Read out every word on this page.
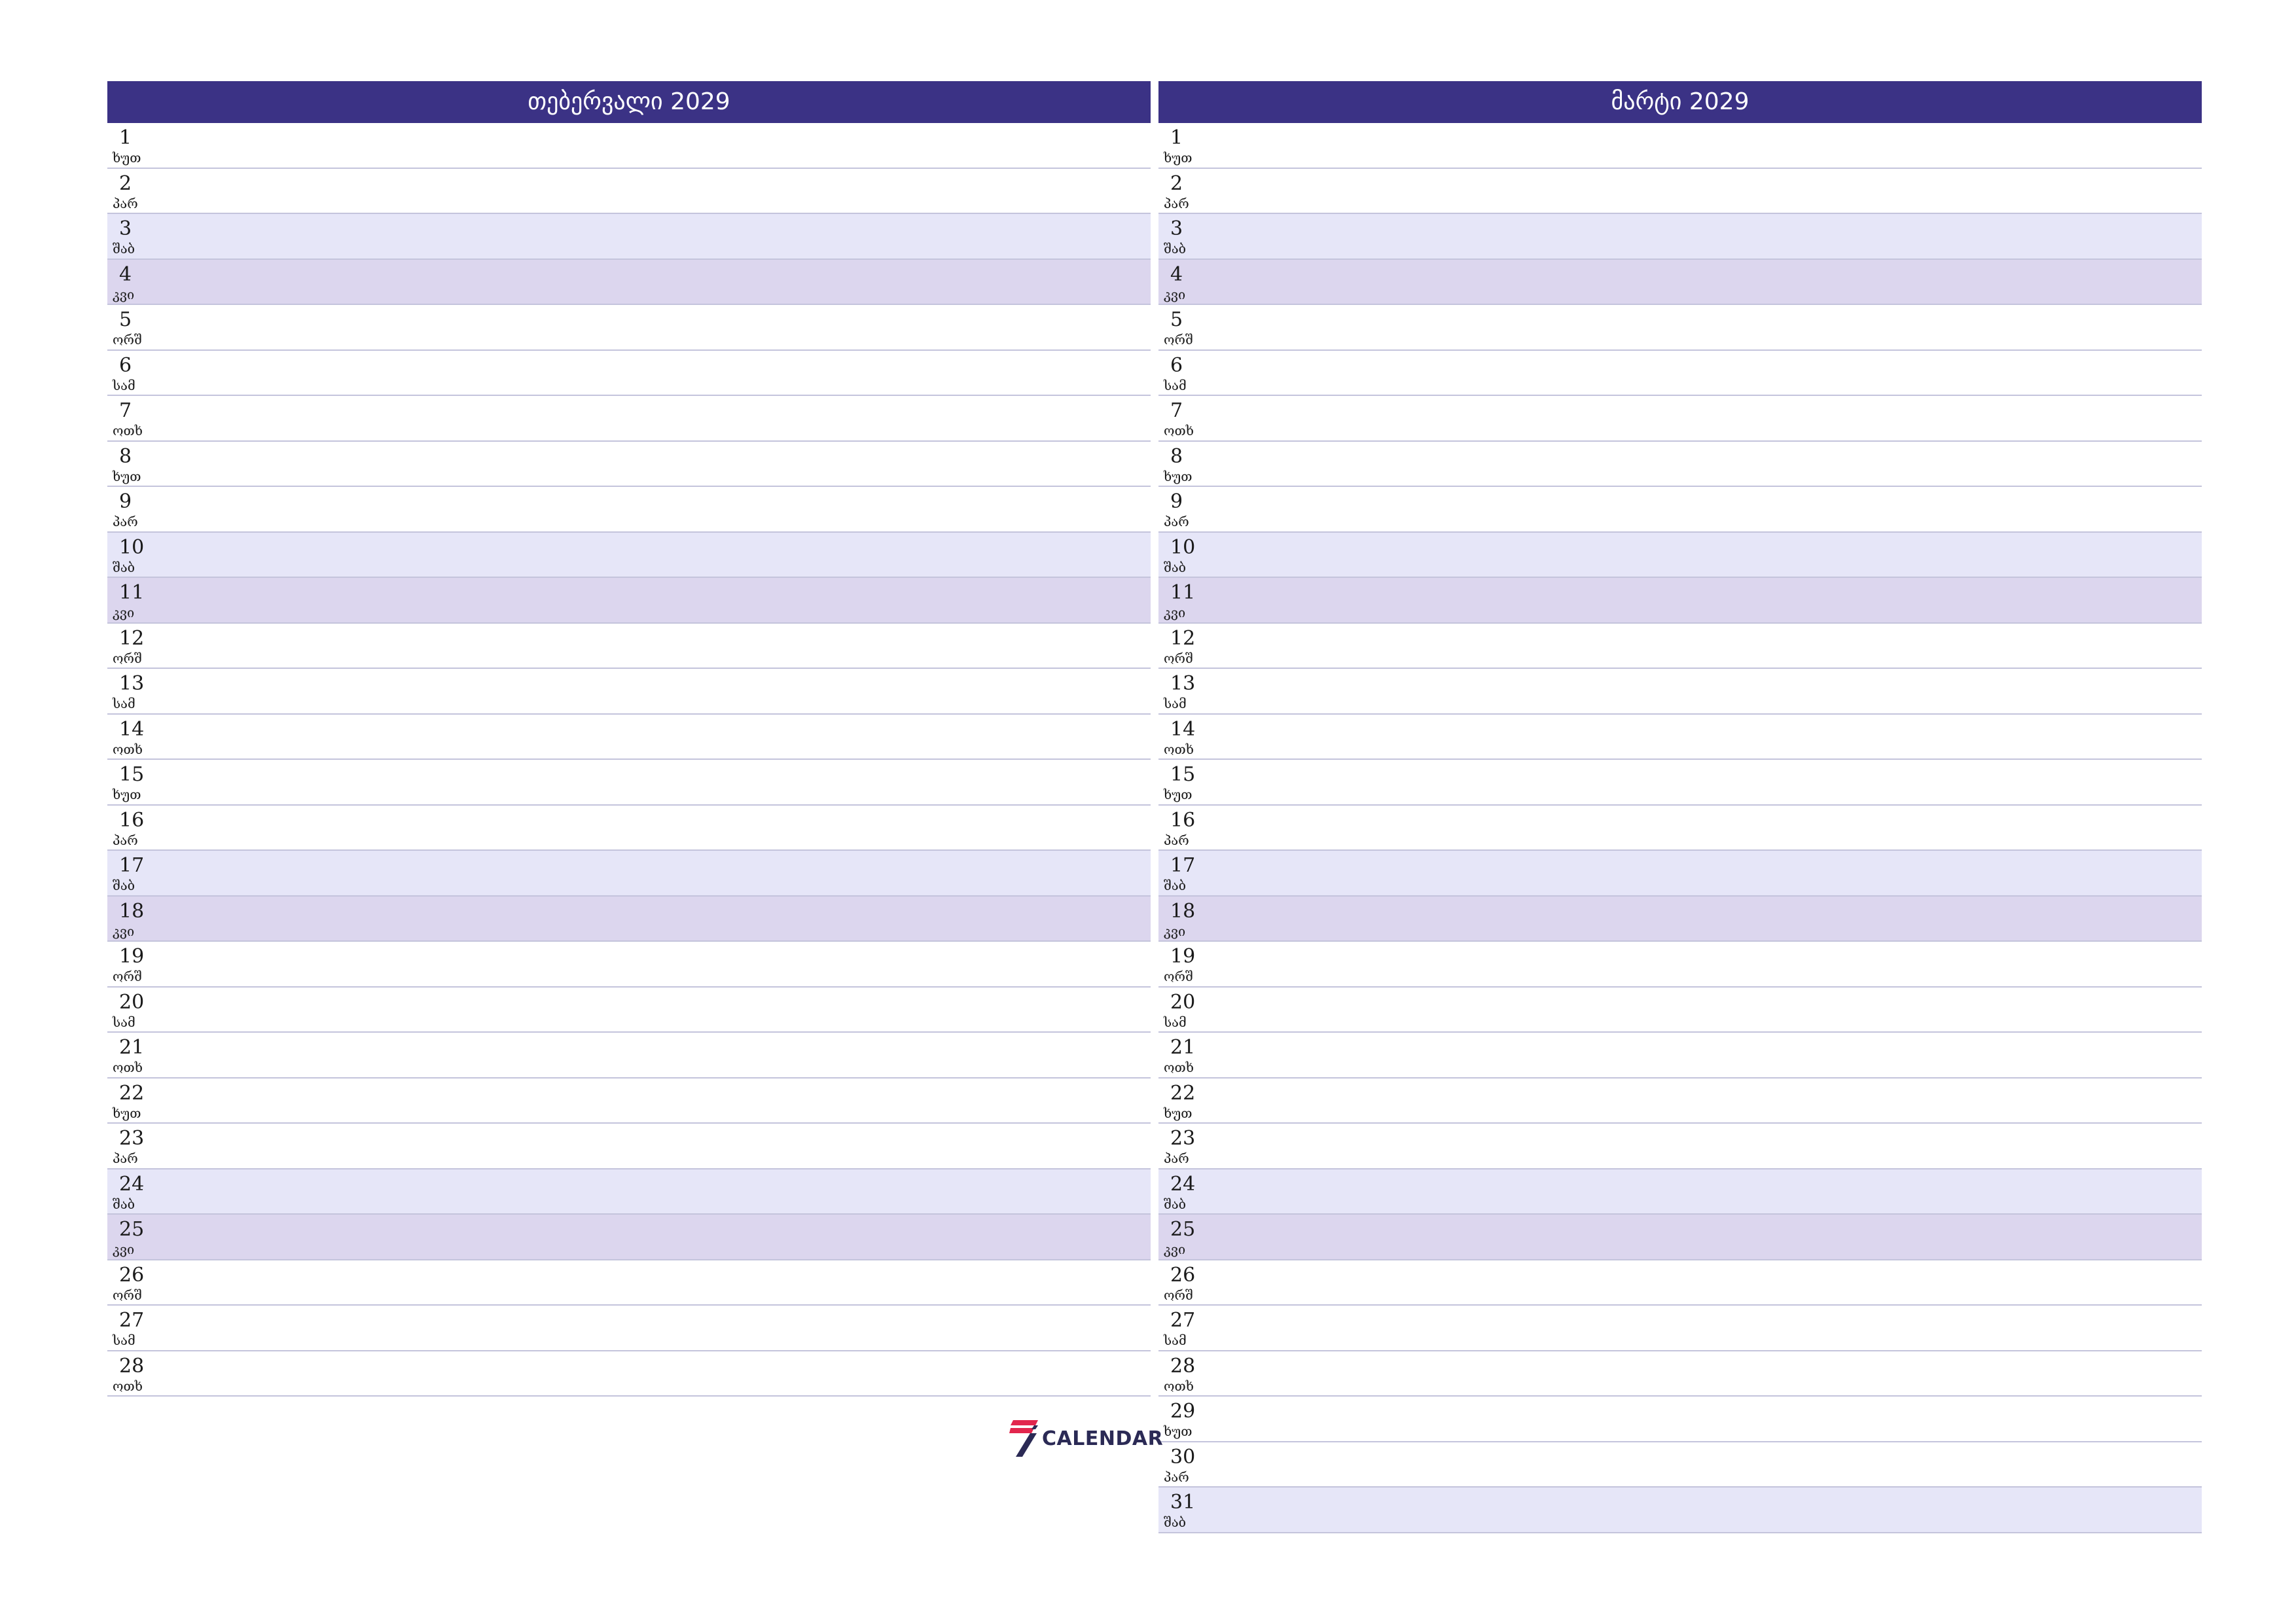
თებერვალი 2029
1
ხუთ
2
პარ
3
შაბ
4
კვი
5
ორშ
6
სამ
7
ოთხ
8
ხუთ
9
პარ
10
შაბ
11
კვი
12
ორშ
13
სამ
14
ოთხ
15
ხუთ
16
პარ
17
შაბ
18
კვი
19
ორშ
20
სამ
21
ოთხ
22
ხუთ
23
პარ
24
შაბ
25
კვი
26
ორშ
27
სამ
28
ოთხ
მარტი 2029
1
ხუთ
2
პარ
3
შაბ
4
კვი
5
ორშ
6
სამ
7
ოთხ
8
ხუთ
9
პარ
10
შაბ
11
კვი
12
ორშ
13
სამ
14
ოთხ
15
ხუთ
16
პარ
17
შაბ
18
კვი
19
ორშ
20
სამ
21
ოთხ
22
ხუთ
23
პარ
24
შაბ
25
კვი
26
ორშ
27
სამ
28
ოთხ
29
ხუთ
30
პარ
31
შაბ
CALENDAR
